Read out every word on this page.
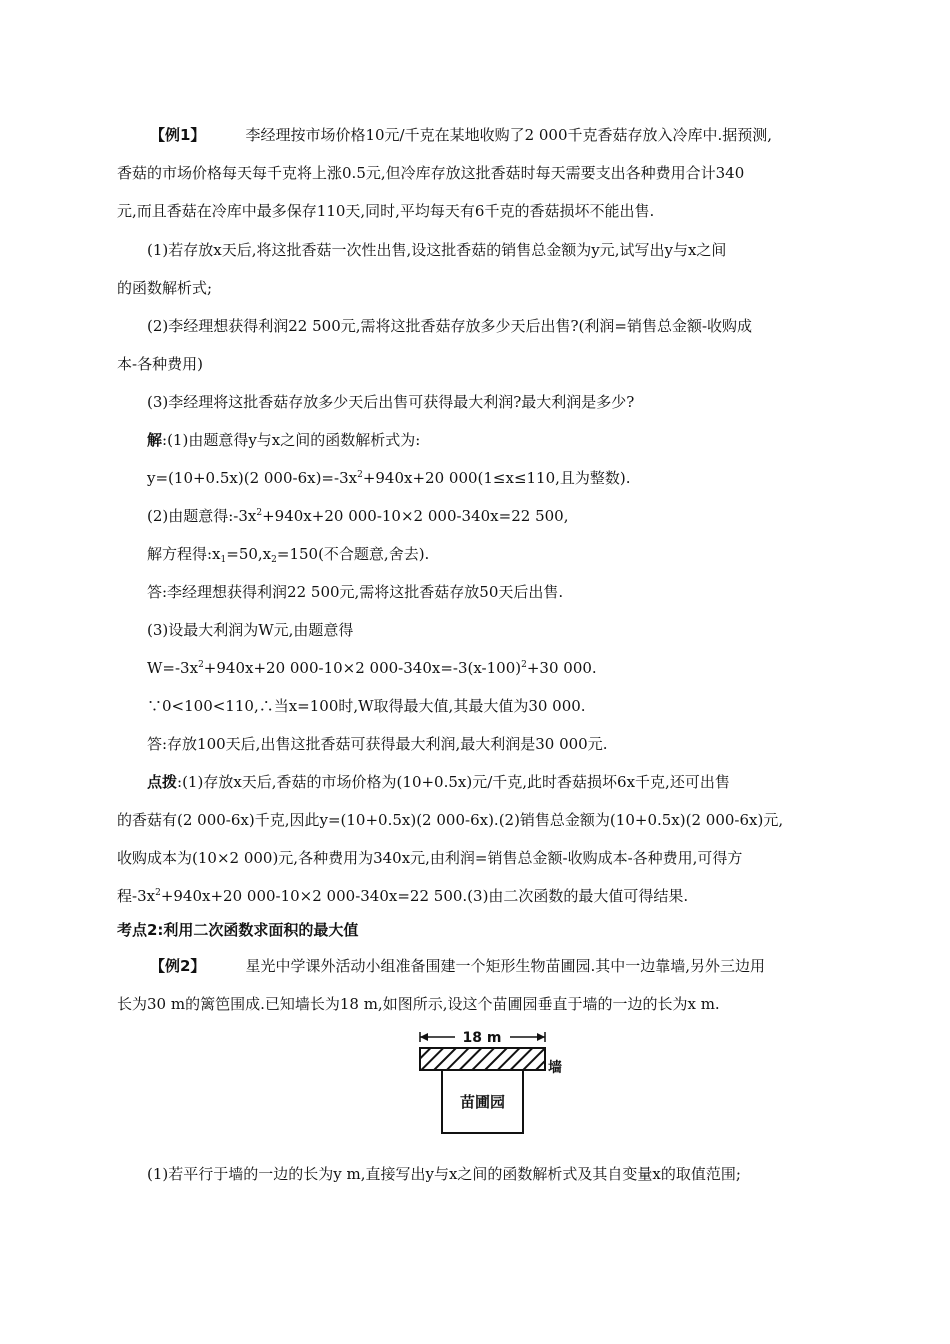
【例1】	李经理按市场价格10元/千克在某地收购了2 000千克香菇存放入冷库中.据预测,
香菇的市场价格每天每千克将上涨0.5元,但冷库存放这批香菇时每天需要支出各种费用合计340
元,而且香菇在冷库中最多保存110天,同时,平均每天有6千克的香菇损坏不能出售.
(1)若存放x天后,将这批香菇一次性出售,设这批香菇的销售总金额为y元,试写出y与x之间
的函数解析式;
(2)李经理想获得利润22 500元,需将这批香菇存放多少天后出售?(利润=销售总金额-收购成
本-各种费用)
(3)李经理将这批香菇存放多少天后出售可获得最大利润?最大利润是多少?
解:(1)由题意得y与x之间的函数解析式为:
y=(10+0.5x)(2 $000-6x)=-3x^2+940x+20$ 000(1≤x≤110,且为整数).
(2)由题意得$:-3x^2+940x+20$ 000-10×2 000-340x=22 500,
解方程得$:x_1=50,x_2=150$(不合题意,舍去).
答:李经理想获得利润22 500元,需将这批香菇存放50天后出售.
(3)设最大利润为W元,由题意得
$W=-3x^2+940x+20$ 000-10×2 $000-340x=-3(x-100)^2+30$ 000.
∵0<100<110,∴当x=100时,W取得最大值,其最大值为30 000.
答:存放100天后,出售这批香菇可获得最大利润,最大利润是30 000元.
点拨:(1)存放x天后,香菇的市场价格为(10+0.5x)元/千克,此时香菇损坏6x千克,还可出售
的香菇有(2 000-6x)千克,因此y=(10+0.5x)(2 000-6x).(2)销售总金额为(10+0.5x)(2 000-6x)元,
收购成本为(10×2 000)元,各种费用为340x元,由利润=销售总金额-收购成本-各种费用,可得方
程$-3x^2+940x+20$ 000-10×2 000-340x=22 500.(3)由二次函数的最大值可得结果.
考点2:利用二次函数求面积的最大值
【例2】	星光中学课外活动小组准备围建一个矩形生物苗圃园.其中一边靠墙,另外三边用
长为30 m的篱笆围成.已知墙长为18 m,如图所示,设这个苗圃园垂直于墙的一边的长为x m.
18 m
墙
苗圃园
(1)若平行于墙的一边的长为y m,直接写出y与x之间的函数解析式及其自变量x的取值范围;
